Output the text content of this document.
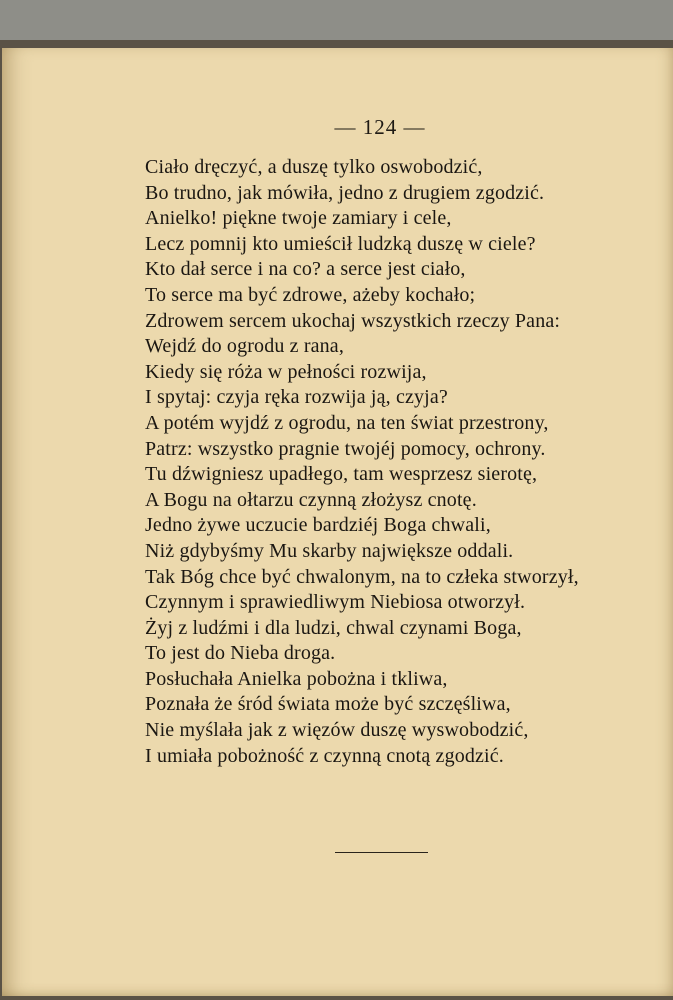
— 124 —
Ciało dręczyć, a duszę tylko oswobodzić,
Bo trudno, jak mówiła, jedno z drugiem zgodzić.
Anielko! piękne twoje zamiary i cele,
Lecz pomnij kto umieścił ludzką duszę w ciele?
Kto dał serce i na co? a serce jest ciało,
To serce ma być zdrowe, ażeby kochało;
Zdrowem sercem ukochaj wszystkich rzeczy Pana:
Wejdź do ogrodu z rana,
Kiedy się róża w pełności rozwija,
I spytaj: czyja ręka rozwija ją, czyja?
A potém wyjdź z ogrodu, na ten świat przestrony,
Patrz: wszystko pragnie twojéj pomocy, ochrony.
Tu dźwigniesz upadłego, tam wesprzesz sierotę,
A Bogu na ołtarzu czynną złożysz cnotę.
Jedno żywe uczucie bardziéj Boga chwali,
Niż gdybyśmy Mu skarby największe oddali.
Tak Bóg chce być chwalonym, na to człeka stworzył,
Czynnym i sprawiedliwym Niebiosa otworzył.
Żyj z ludźmi i dla ludzi, chwal czynami Boga,
To jest do Nieba droga.
Posłuchała Anielka pobożna i tkliwa,
Poznała że śród świata może być szczęśliwa,
Nie myślała jak z więzów duszę wyswobodzić,
I umiała pobożność z czynną cnotą zgodzić.
